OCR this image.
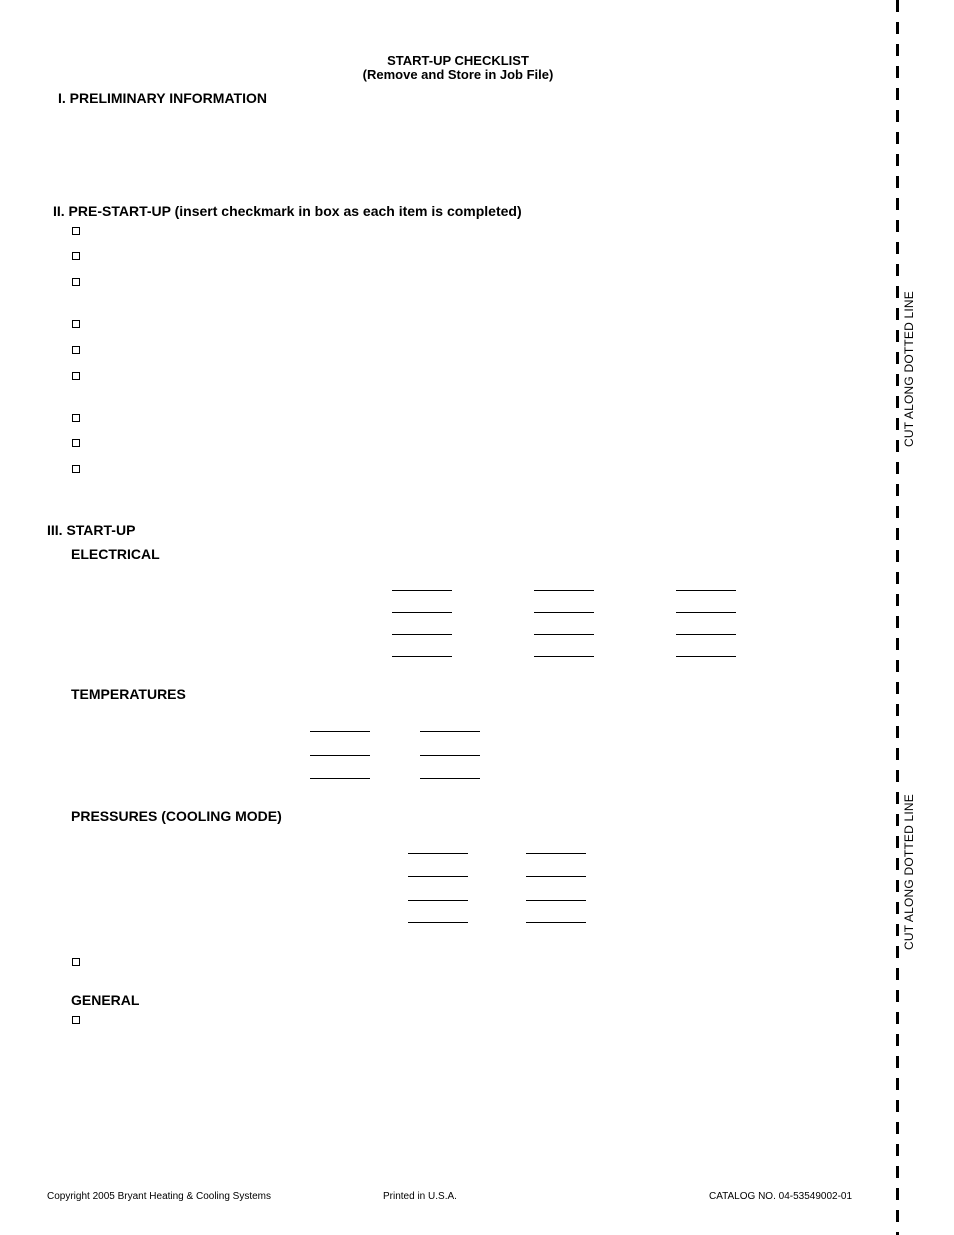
START-UP CHECKLIST
(Remove and Store in Job File)
I. PRELIMINARY INFORMATION
II. PRE-START-UP (insert checkmark in box as each item is completed)
III. START-UP
ELECTRICAL
TEMPERATURES
PRESSURES (COOLING MODE)
GENERAL
CUT ALONG DOTTED LINE
CUT ALONG DOTTED LINE
Copyright 2005 Bryant Heating & Cooling Systems	Printed in U.S.A.	CATALOG NO. 04-53549002-01
